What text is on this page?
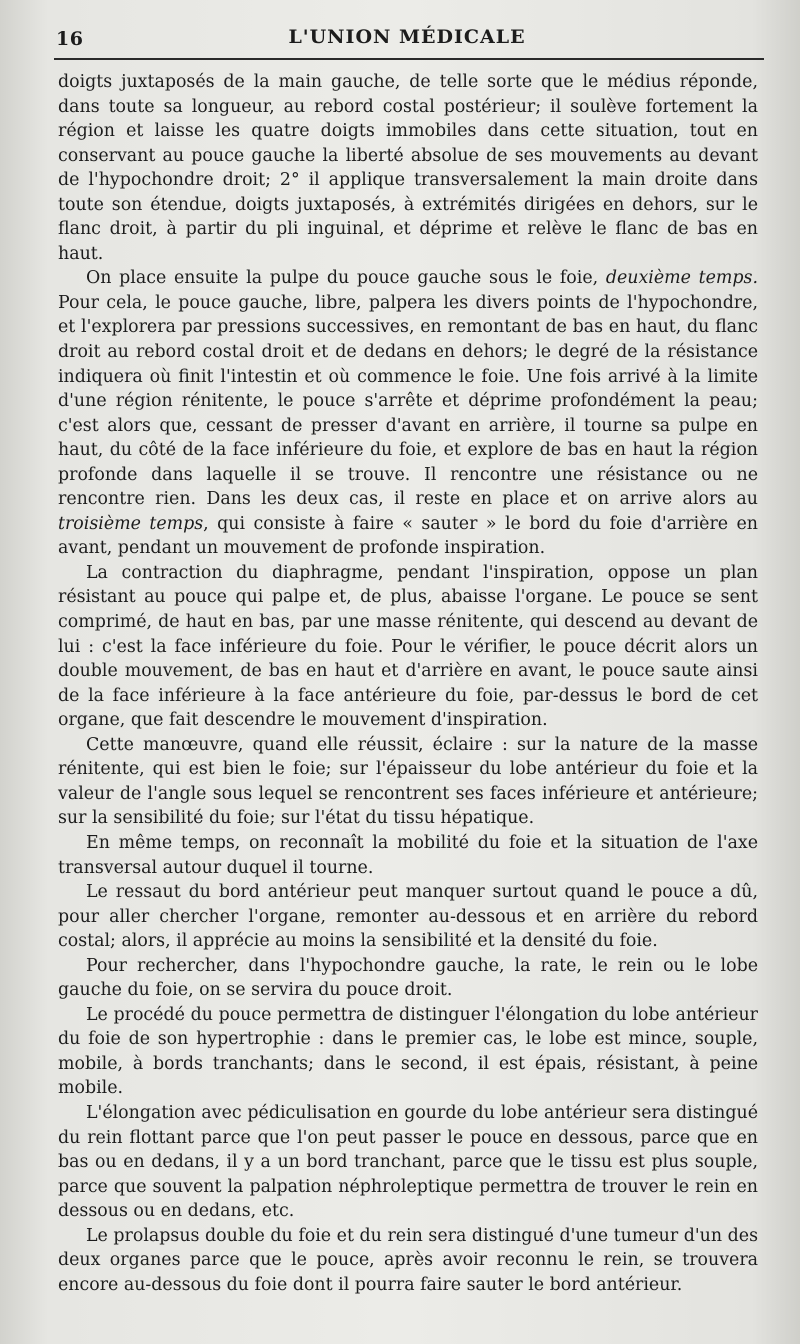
16	L'UNION MÉDICALE

doigts juxtaposés de la main gauche, de telle sorte que le médius réponde, dans toute sa longueur, au rebord costal postérieur; il soulève fortement la région et laisse les quatre doigts immobiles dans cette situation, tout en conservant au pouce gauche la liberté absolue de ses mouvements au devant de l'hypochondre droit; 2° il applique transversalement la main droite dans toute son étendue, doigts juxtaposés, à extrémités dirigées en dehors, sur le flanc droit, à partir du pli inguinal, et déprime et relève le flanc de bas en haut.

On place ensuite la pulpe du pouce gauche sous le foie, deuxième temps. Pour cela, le pouce gauche, libre, palpera les divers points de l'hypochondre, et l'explorera par pressions successives, en remontant de bas en haut, du flanc droit au rebord costal droit et de dedans en dehors; le degré de la résistance indiquera où finit l'intestin et où commence le foie. Une fois arrivé à la limite d'une région rénitente, le pouce s'arrête et déprime profondément la peau; c'est alors que, cessant de presser d'avant en arrière, il tourne sa pulpe en haut, du côté de la face inférieure du foie, et explore de bas en haut la région profonde dans laquelle il se trouve. Il rencontre une résistance ou ne rencontre rien. Dans les deux cas, il reste en place et on arrive alors au troisième temps, qui consiste à faire « sauter » le bord du foie d'arrière en avant, pendant un mouvement de profonde inspiration.

La contraction du diaphragme, pendant l'inspiration, oppose un plan résistant au pouce qui palpe et, de plus, abaisse l'organe. Le pouce se sent comprimé, de haut en bas, par une masse rénitente, qui descend au devant de lui : c'est la face inférieure du foie. Pour le vérifier, le pouce décrit alors un double mouvement, de bas en haut et d'arrière en avant, le pouce saute ainsi de la face inférieure à la face antérieure du foie, par-dessus le bord de cet organe, que fait descendre le mouvement d'inspiration.

Cette manœuvre, quand elle réussit, éclaire : sur la nature de la masse rénitente, qui est bien le foie; sur l'épaisseur du lobe antérieur du foie et la valeur de l'angle sous lequel se rencontrent ses faces inférieure et antérieure; sur la sensibilité du foie; sur l'état du tissu hépatique.

En même temps, on reconnaît la mobilité du foie et la situation de l'axe transversal autour duquel il tourne.

Le ressaut du bord antérieur peut manquer surtout quand le pouce a dû, pour aller chercher l'organe, remonter au-dessous et en arrière du rebord costal; alors, il apprécie au moins la sensibilité et la densité du foie.

Pour rechercher, dans l'hypochondre gauche, la rate, le rein ou le lobe gauche du foie, on se servira du pouce droit.

Le procédé du pouce permettra de distinguer l'élongation du lobe antérieur du foie de son hypertrophie : dans le premier cas, le lobe est mince, souple, mobile, à bords tranchants; dans le second, il est épais, résistant, à peine mobile.

L'élongation avec pédiculisation en gourde du lobe antérieur sera distingué du rein flottant parce que l'on peut passer le pouce en dessous, parce que en bas ou en dedans, il y a un bord tranchant, parce que le tissu est plus souple, parce que souvent la palpation néphroleptique permettra de trouver le rein en dessous ou en dedans, etc.

Le prolapsus double du foie et du rein sera distingué d'une tumeur d'un des deux organes parce que le pouce, après avoir reconnu le rein, se trouvera encore au-dessous du foie dont il pourra faire sauter le bord antérieur.
